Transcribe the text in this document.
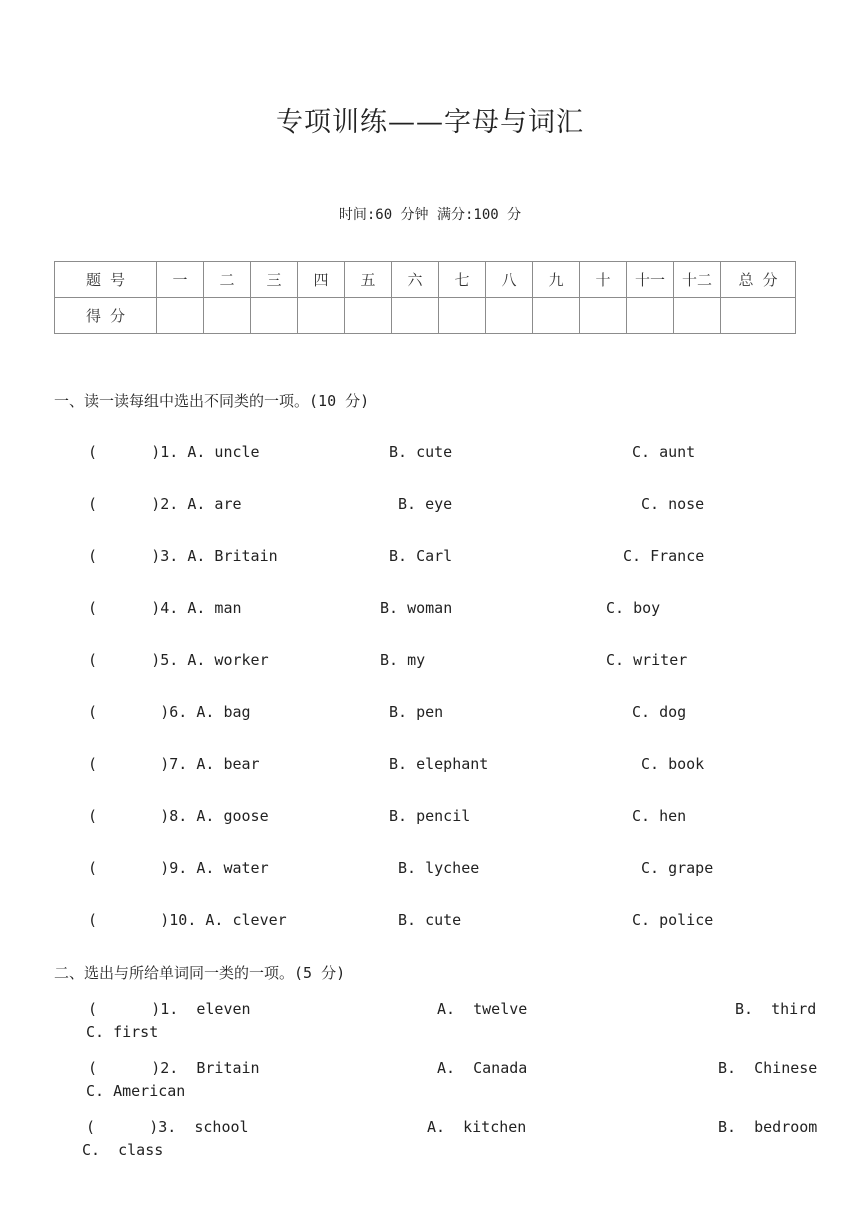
专项训练——字母与词汇
时间:60 分钟 满分:100 分
题 号	一	二	三	四	五	六	七	八	九	十	十一	十二	总 分
得 分													
一、读一读每组中选出不同类的一项。(10 分)
(      )1. A. uncle	B. cute	C. aunt
(      )2. A. are	B. eye	C. nose
(      )3. A. Britain	B. Carl	C. France
(      )4. A. man	B. woman	C. boy
(      )5. A. worker	B. my	C. writer
(       )6. A. bag	B. pen	C. dog
(       )7. A. bear	B. elephant	C. book
(       )8. A. goose	B. pencil	C. hen
(       )9. A. water	B. lychee	C. grape
(       )10. A. clever	B. cute	C. police
二、选出与所给单词同一类的一项。(5 分)
(      )1.  eleven	A.  twelve	B.  third
C. first
(      )2.  Britain	A.  Canada	B.  Chinese
C. American
(      )3.  school	A.  kitchen	B.  bedroom
C.  class
